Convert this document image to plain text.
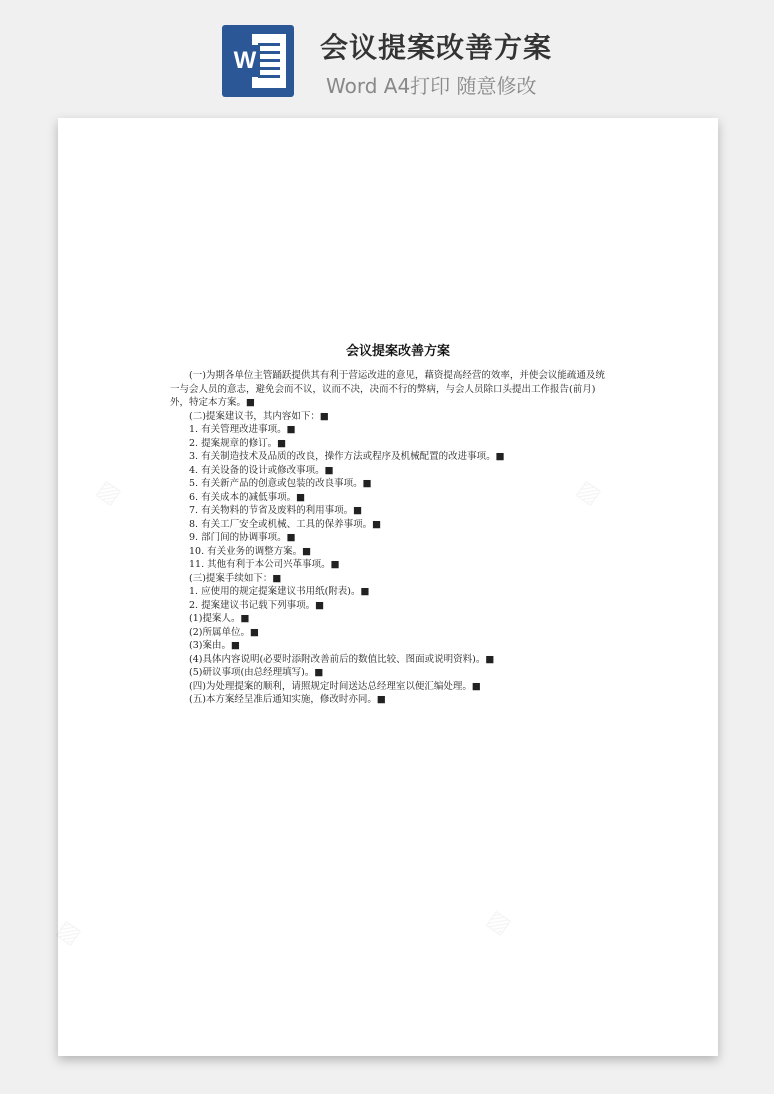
W 会议提案改善方案
Word A4打印 随意修改
会议提案改善方案

(一)为期各单位主管踊跃提供其有利于营运改进的意见，藉资提高经营的效率，并使会议能疏通及统一与会人员的意志，避免会而不议，议而不决，决而不行的弊病，与会人员除口头提出工作报告(前月)外，特定本方案。■

(二)提案建议书，其内容如下：■

1. 有关管理改进事项。■

2. 提案规章的修订。■

3. 有关制造技术及品质的改良，操作方法或程序及机械配置的改进事项。■

4. 有关设备的设计或修改事项。■

5. 有关新产品的创意或包装的改良事项。■

6. 有关成本的减低事项。■

7. 有关物料的节省及废料的利用事项。■

8. 有关工厂安全或机械、工具的保养事项。■

9. 部门间的协调事项。■

10. 有关业务的调整方案。■

11. 其他有利于本公司兴革事项。■

(三)提案手续如下：■

1. 应使用的规定提案建议书用纸(附表)。■

2. 提案建议书记载下列事项。■

(1)提案人。■

(2)所属单位。■

(3)案由。■

(4)具体内容说明(必要时添附改善前后的数值比较、图面或说明资料)。■

(5)研议事项(由总经理填写)。■

(四)为处理提案的顺利，请照规定时间送达总经理室以便汇编处理。■

(五)本方案经呈准后通知实施，修改时亦同。■
